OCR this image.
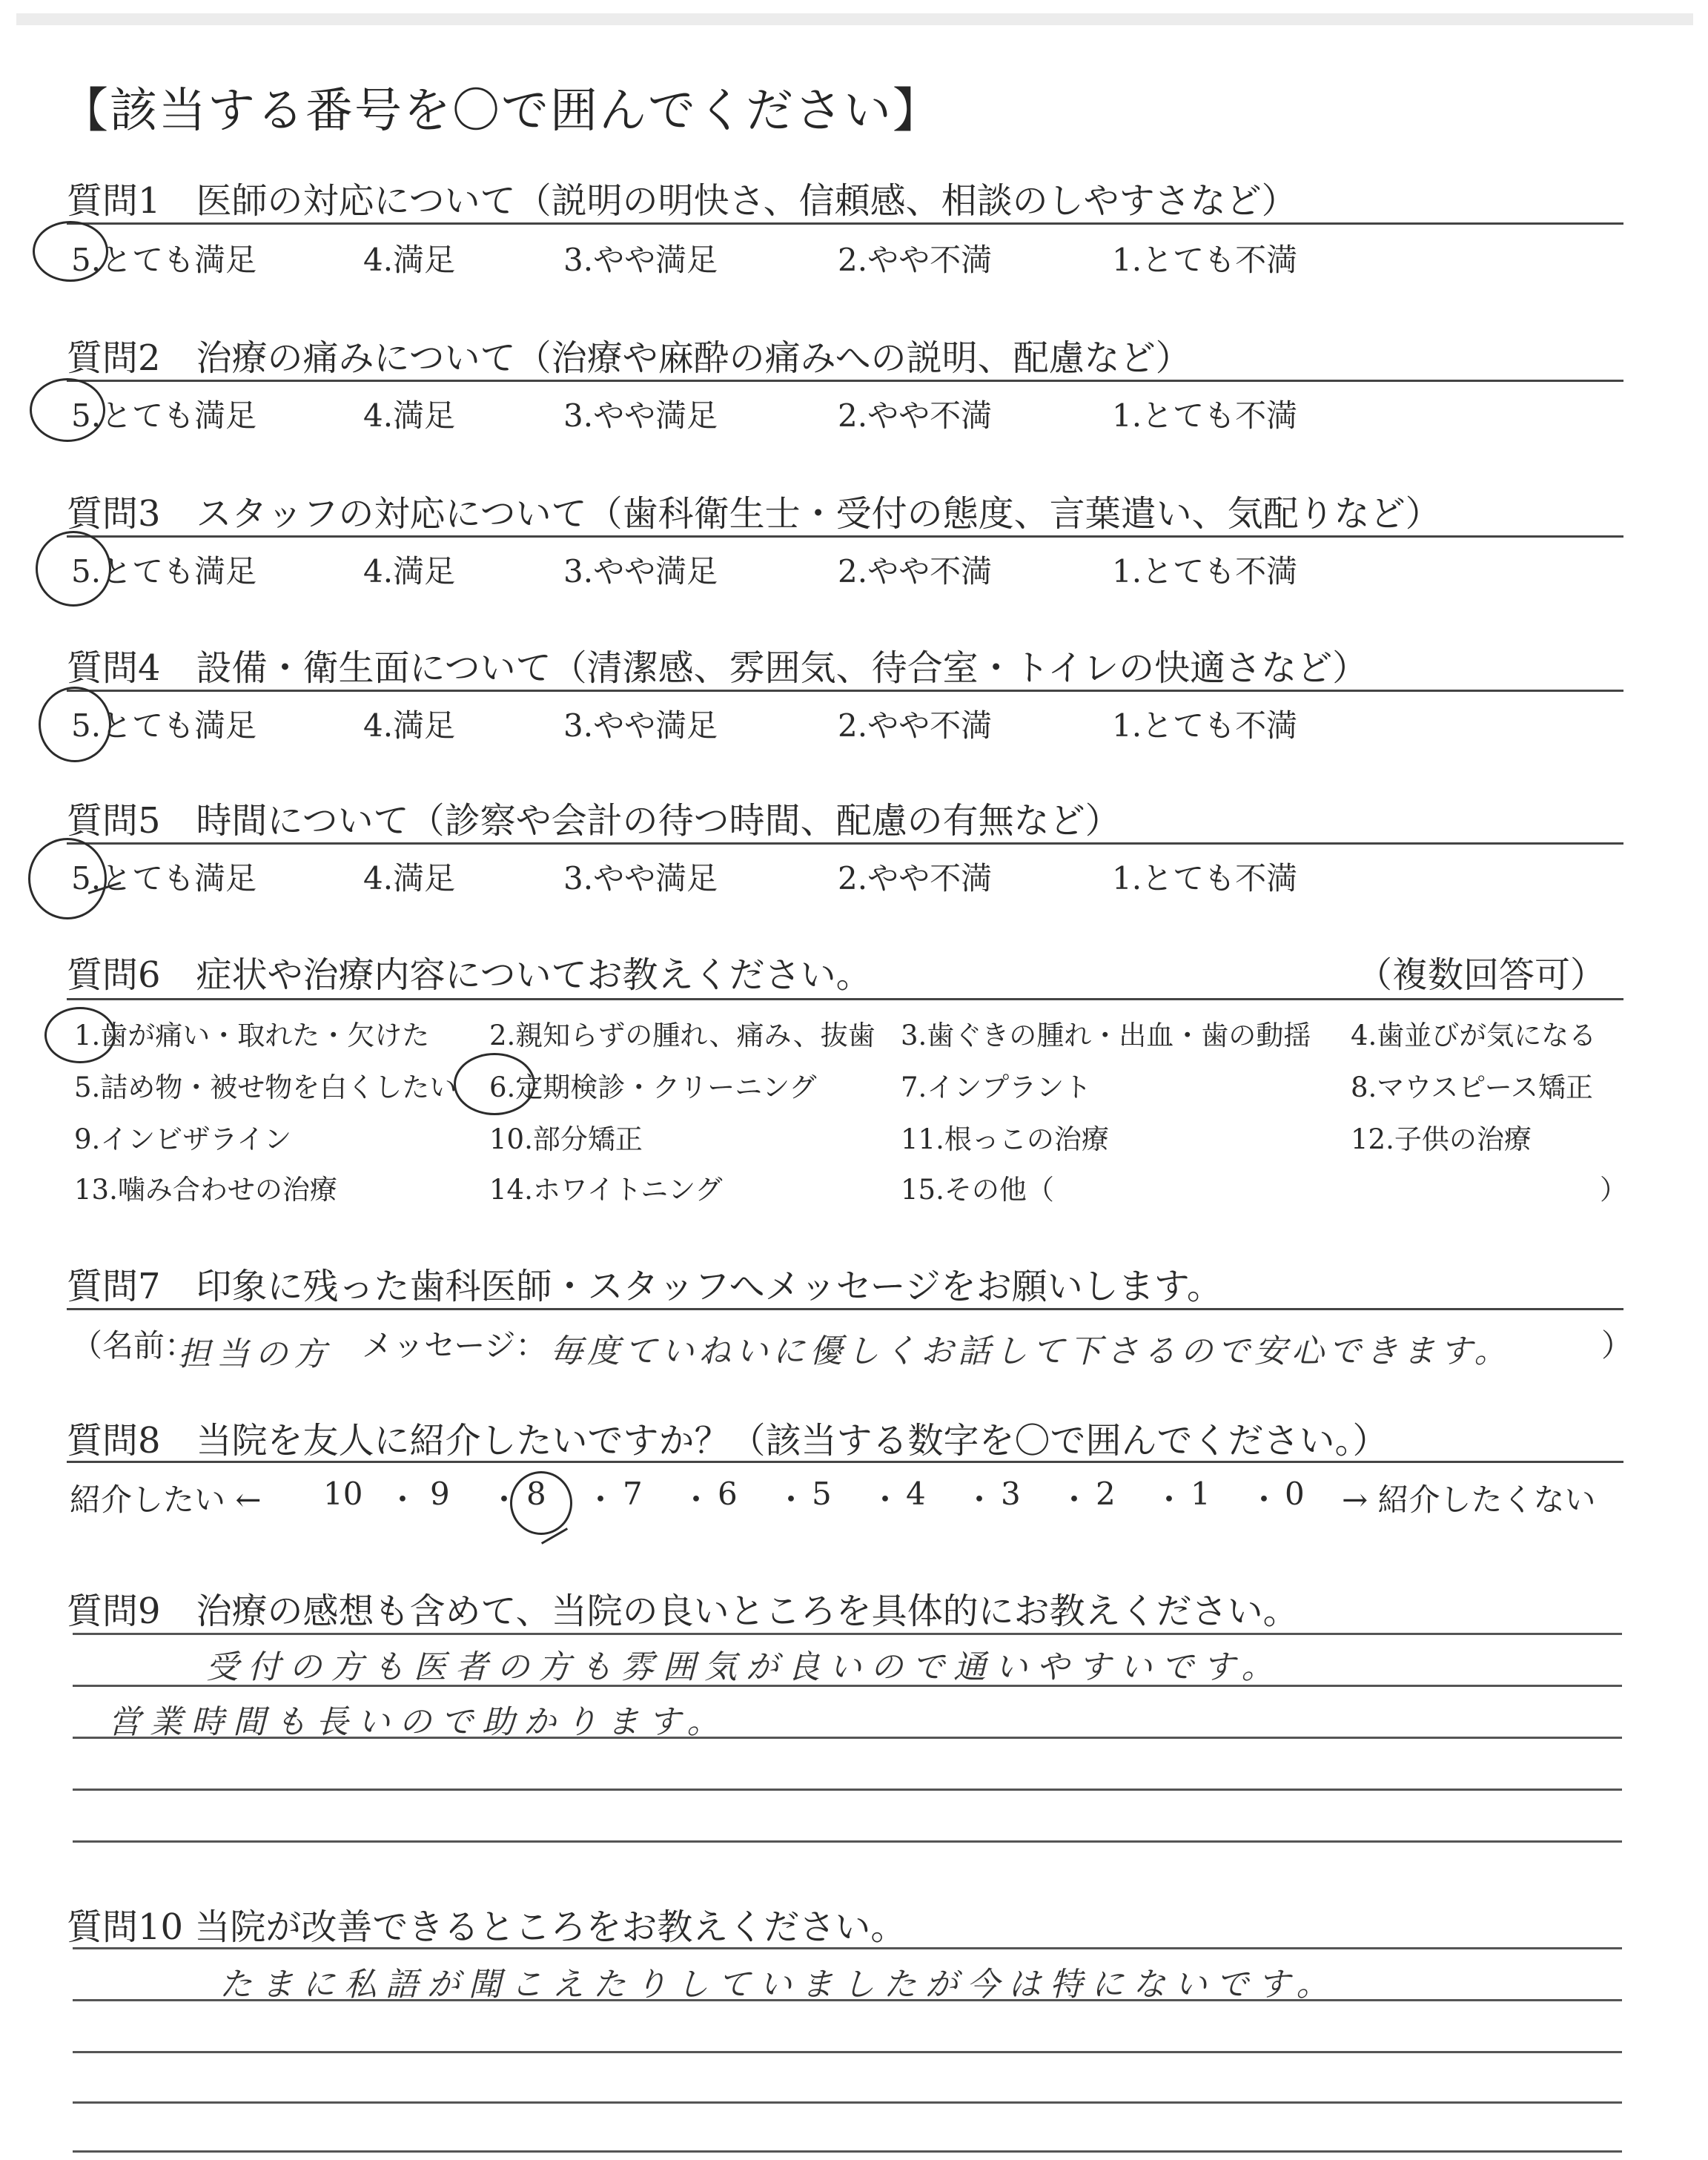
【該当する番号を〇で囲んでください】
質問1　医師の対応について（説明の明快さ、信頼感、相談のしやすさなど）
5.とても満足	4.満足	3.やや満足	2.やや不満	1.とても不満
質問2　治療の痛みについて（治療や麻酔の痛みへの説明、配慮など）
5.とても満足	4.満足	3.やや満足	2.やや不満	1.とても不満
質問3　スタッフの対応について（歯科衛生士・受付の態度、言葉遣い、気配りなど）
5.とても満足	4.満足	3.やや満足	2.やや不満	1.とても不満
質問4　設備・衛生面について（清潔感、雰囲気、待合室・トイレの快適さなど）
5.とても満足	4.満足	3.やや満足	2.やや不満	1.とても不満
質問5　時間について（診察や会計の待つ時間、配慮の有無など）
5.とても満足	4.満足	3.やや満足	2.やや不満	1.とても不満
質問6　症状や治療内容についてお教えください。	（複数回答可）
1.歯が痛い・取れた・欠けた 2.親知らずの腫れ、痛み、抜歯 3.歯ぐきの腫れ・出血・歯の動揺 4.歯並びが気になる
5.詰め物・被せ物を白くしたい 6.定期検診・クリーニング	7.インプラント	8.マウスピース矯正
9.インビザライン	10.部分矯正	11.根っこの治療	12.子供の治療
13.噛み合わせの治療	14.ホワイトニング	15.その他（	）
質問7　印象に残った歯科医師・スタッフへメッセージをお願いします。
（名前：
担当の方 メッセージ： 毎度ていねいに優しくお話して下さるので安心できます。	）
質問8　当院を友人に紹介したいですか？（該当する数字を〇で囲んでください。）
紹介したい ← 10 ・ 9 ・ 8 ・ 7 ・ 6 ・ 5 ・ 4 ・ 3 ・ 2 ・ 1 ・ 0 → 紹介したくない
質問9　治療の感想も含めて、当院の良いところを具体的にお教えください。
受付の方も医者の方も雰囲気が良いので通いやすいです。
営業時間も長いので助かります。
質問10 当院が改善できるところをお教えください。
たまに私語が聞こえたりしていましたが今は特にないです。
